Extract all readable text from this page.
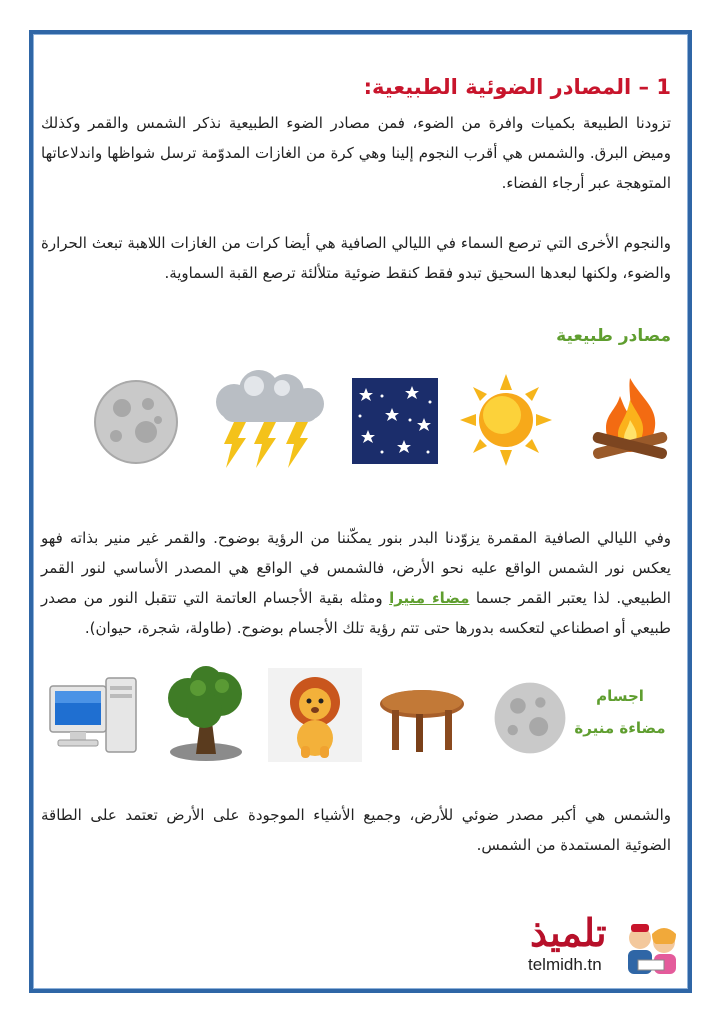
1 – المصادر الضوئية الطبيعية:

تزودنا الطبيعة بكميات وافرة من الضوء، فمن مصادر الضوء الطبيعية نذكر الشمس والقمر وكذلك وميض البرق. والشمس هي أقرب النجوم إلينا وهي كرة من الغازات المدوّمة ترسل شواظها واندلاعاتها المتوهجة عبر أرجاء الفضاء.

والنجوم الأخرى التي ترصع السماء في الليالي الصافية هي أيضا كرات من الغازات اللاهبة تبعث الحرارة والضوء، ولكنها لبعدها السحيق تبدو فقط كنقط ضوئية متلألئة ترصع القبة السماوية.

مصادر طبيعية

وفي الليالي الصافية المقمرة يزوّدنا البدر بنور يمكّننا من الرؤية بوضوح. والقمر غير منير بذاته فهو يعكس نور الشمس الواقع عليه نحو الأرض، فالشمس في الواقع هي المصدر الأساسي لنور القمر الطبيعي. لذا يعتبر القمر جسما مضاء منيرا ومثله بقية الأجسام العاتمة التي تتقبل النور من مصدر طبيعي أو اصطناعي لتعكسه بدورها حتى تتم رؤية تلك الأجسام بوضوح. (طاولة، شجرة، حيوان).

اجسام
مضاءة منيرة

والشمس هي أكبر مصدر ضوئي للأرض، وجميع الأشياء الموجودة على الأرض تعتمد على الطاقة الضوئية المستمدة من الشمس.

تلميذ
telmidh.tn
